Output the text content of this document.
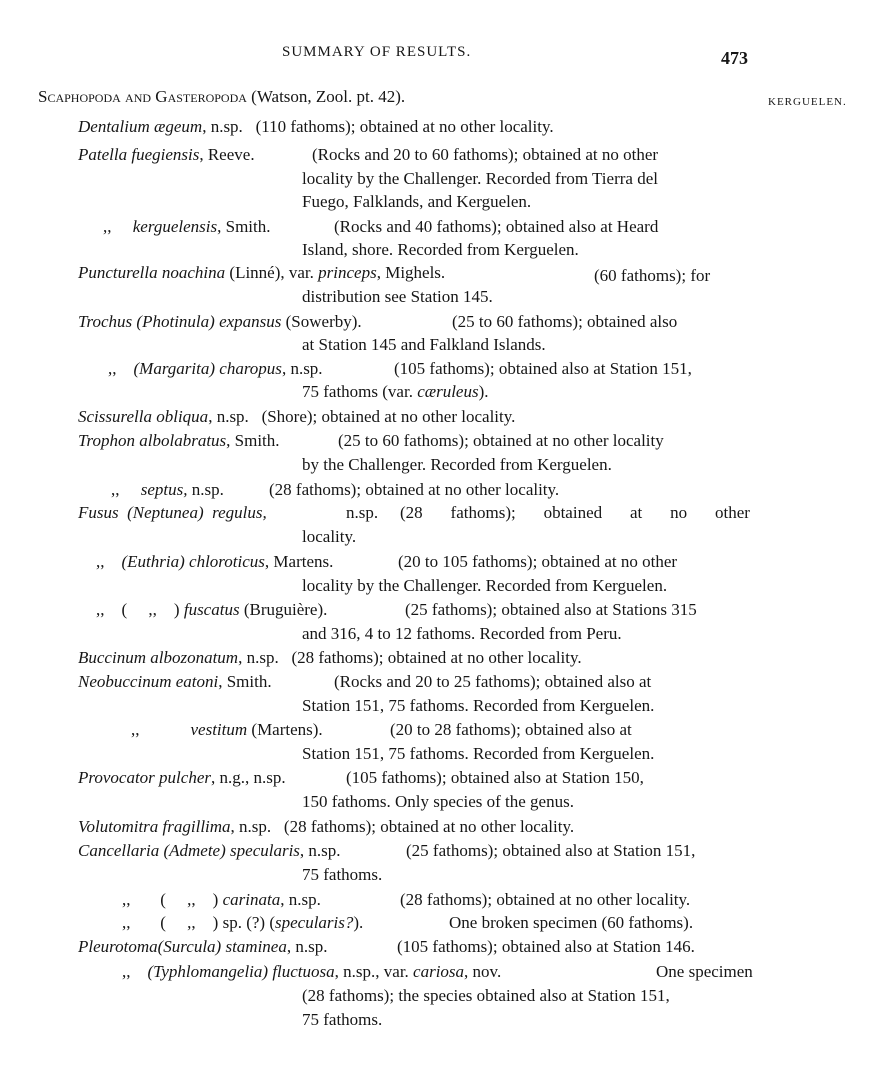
SUMMARY OF RESULTS.	473
KERGUELEN.
Scaphopoda and Gasteropoda (Watson, Zool. pt. 42).
Dentalium ægeum, n.sp. (110 fathoms); obtained at no other locality.
Patella fuegiensis, Reeve.	(Rocks and 20 to 60 fathoms); obtained at no other
locality by the Challenger. Recorded from Tierra del
Fuego, Falklands, and Kerguelen.
,, kerguelensis, Smith.	(Rocks and 40 fathoms); obtained also at Heard
Island, shore. Recorded from Kerguelen.
Puncturella noachina (Linné), var. princeps, Mighels.	(60 fathoms); for
distribution see Station 145.
Trochus (Photinula) expansus (Sowerby).	(25 to 60 fathoms); obtained also
at Station 145 and Falkland Islands.
,, (Margarita) charopus, n.sp.	(105 fathoms); obtained also at Station 151,
75 fathoms (var. cæruleus).
Scissurella obliqua, n.sp. (Shore); obtained at no other locality.
Trophon albolabratus, Smith.	(25 to 60 fathoms); obtained at no other locality
by the Challenger. Recorded from Kerguelen.
,, septus, n.sp.	(28 fathoms); obtained at no other locality.
Fusus (Neptunea) regulus,	n.sp. (28 fathoms); obtained at no other
locality.
,, (Euthria) chloroticus, Martens.	(20 to 105 fathoms); obtained at no other
locality by the Challenger. Recorded from Kerguelen.
,, ( ,, ) fuscatus (Bruguière).	(25 fathoms); obtained also at Stations 315
and 316, 4 to 12 fathoms. Recorded from Peru.
Buccinum albozonatum, n.sp. (28 fathoms); obtained at no other locality.
Neobuccinum eatoni, Smith.	(Rocks and 20 to 25 fathoms); obtained also at
Station 151, 75 fathoms. Recorded from Kerguelen.
,,	vestitum (Martens).	(20 to 28 fathoms); obtained also at
Station 151, 75 fathoms. Recorded from Kerguelen.
Provocator pulcher, n.g., n.sp.	(105 fathoms); obtained also at Station 150,
150 fathoms. Only species of the genus.
Volutomitra fragillima, n.sp. (28 fathoms); obtained at no other locality.
Cancellaria (Admete) specularis, n.sp.	(25 fathoms); obtained also at Station 151,
75 fathoms.
,, ( ,, ) carinata, n.sp.	(28 fathoms); obtained at no other locality.
,, ( ,, ) sp. (?) (specularis?).	One broken specimen (60 fathoms).
Pleurotoma(Surcula) staminea, n.sp.	(105 fathoms); obtained also at Station 146.
,, (Typhlomangelia) fluctuosa, n.sp., var. cariosa, nov.	One specimen
(28 fathoms); the species obtained also at Station 151,
75 fathoms.
